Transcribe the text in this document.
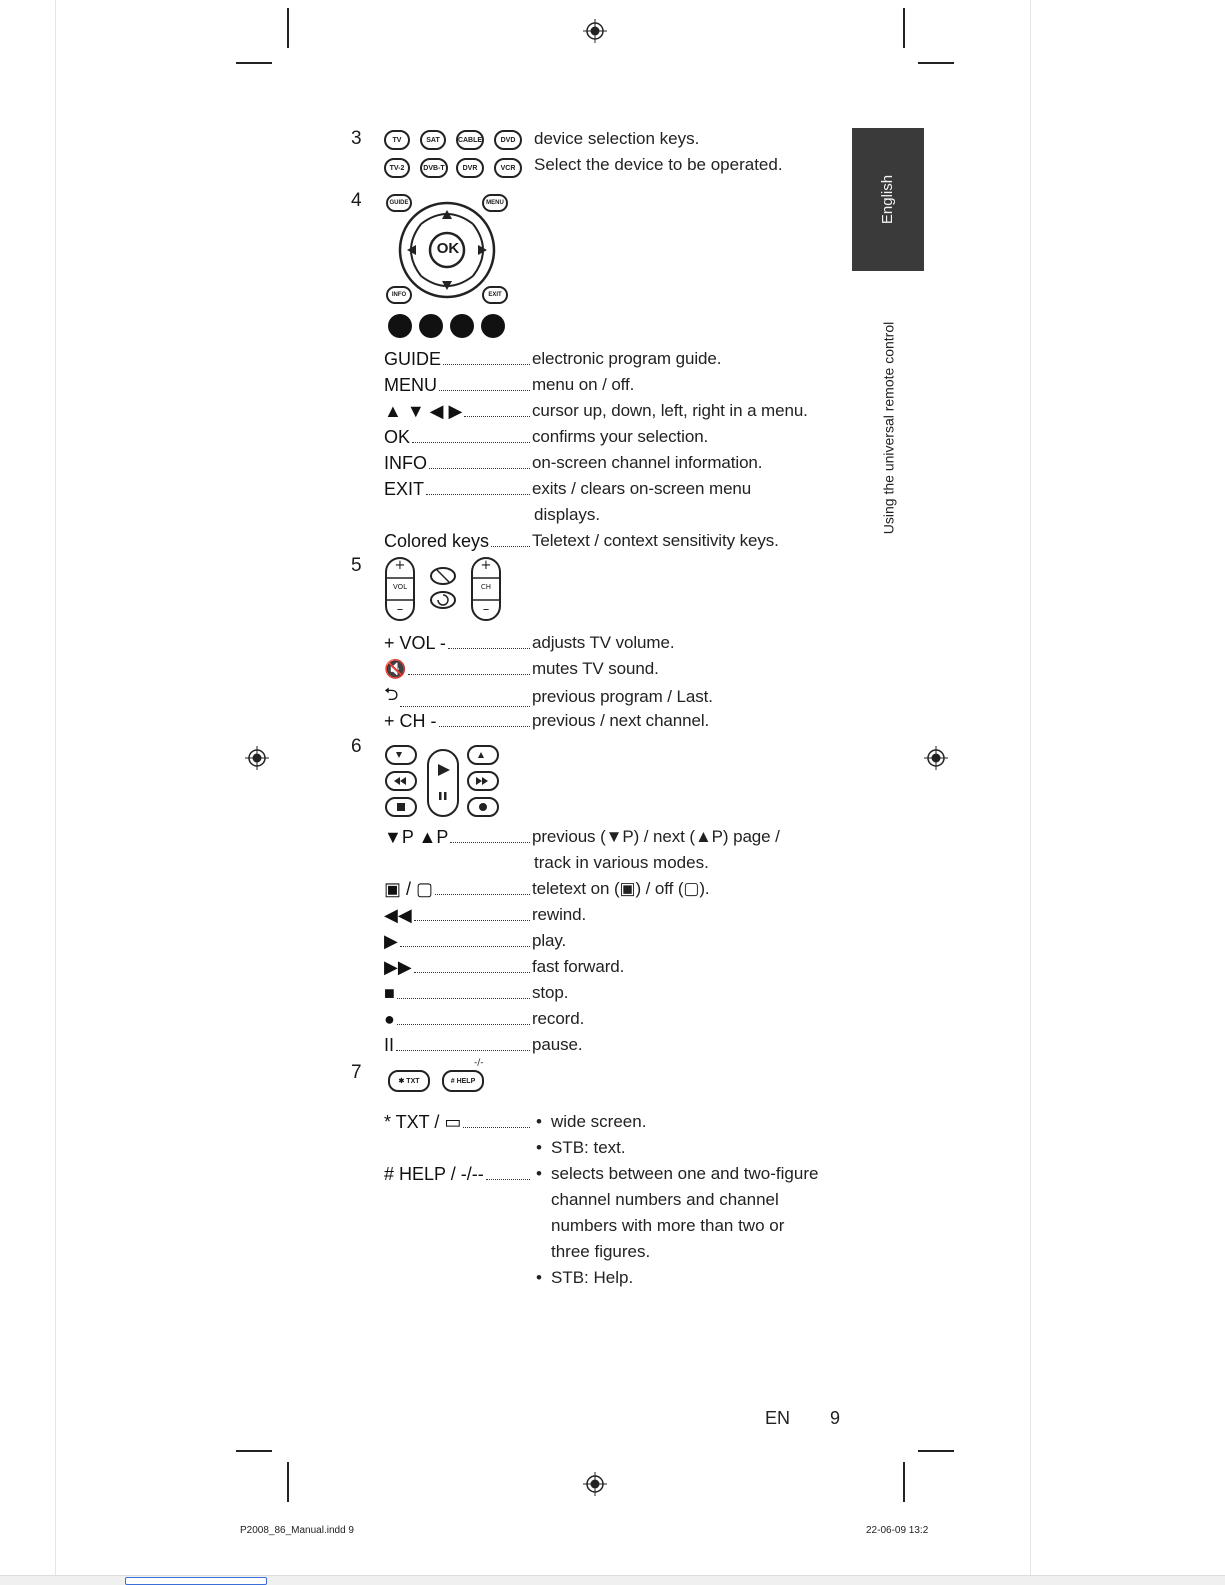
3	TV	SAT	CABLE	DVD
TV-2	DVB-T	DVR	VCR
device selection keys.
Select the device to be operated.
4	GUIDE	MENU
INFO	EXIT
OK
GUIDE	electronic program guide.
MENU	menu on / off.
▲ ▼ ◀ ▶	cursor up, down, left, right in a menu.
OK	confirms your selection.
INFO	on-screen channel information.
EXIT	exits / clears on-screen menu
displays.
Colored keys	Teletext / context sensitivity keys.
5	+
VOL
–
+
CH
–
+ VOL -	adjusts TV volume.
🔇	mutes TV sound.
⮌	previous program / Last.
+ CH -	previous / next channel.
6
▼P ▲P	previous (▼P) / next (▲P) page /
track in various modes.
▣ / ▢	teletext on (▣) / off (▢).
◀◀	rewind.
▶	play.
▶▶	fast forward.
■	stop.
●	record.
II	pause.
7	✱ TXT	# HELP
-/-
* TXT / ▭	• wide screen.
• STB: text.
# HELP / -/--	• selects between one and two-figure
channel numbers and channel
numbers with more than two or
three figures.
• STB: Help.
English
Using the universal remote control
EN 9
P2008_86_Manual.indd 9	22-06-09 13:2
